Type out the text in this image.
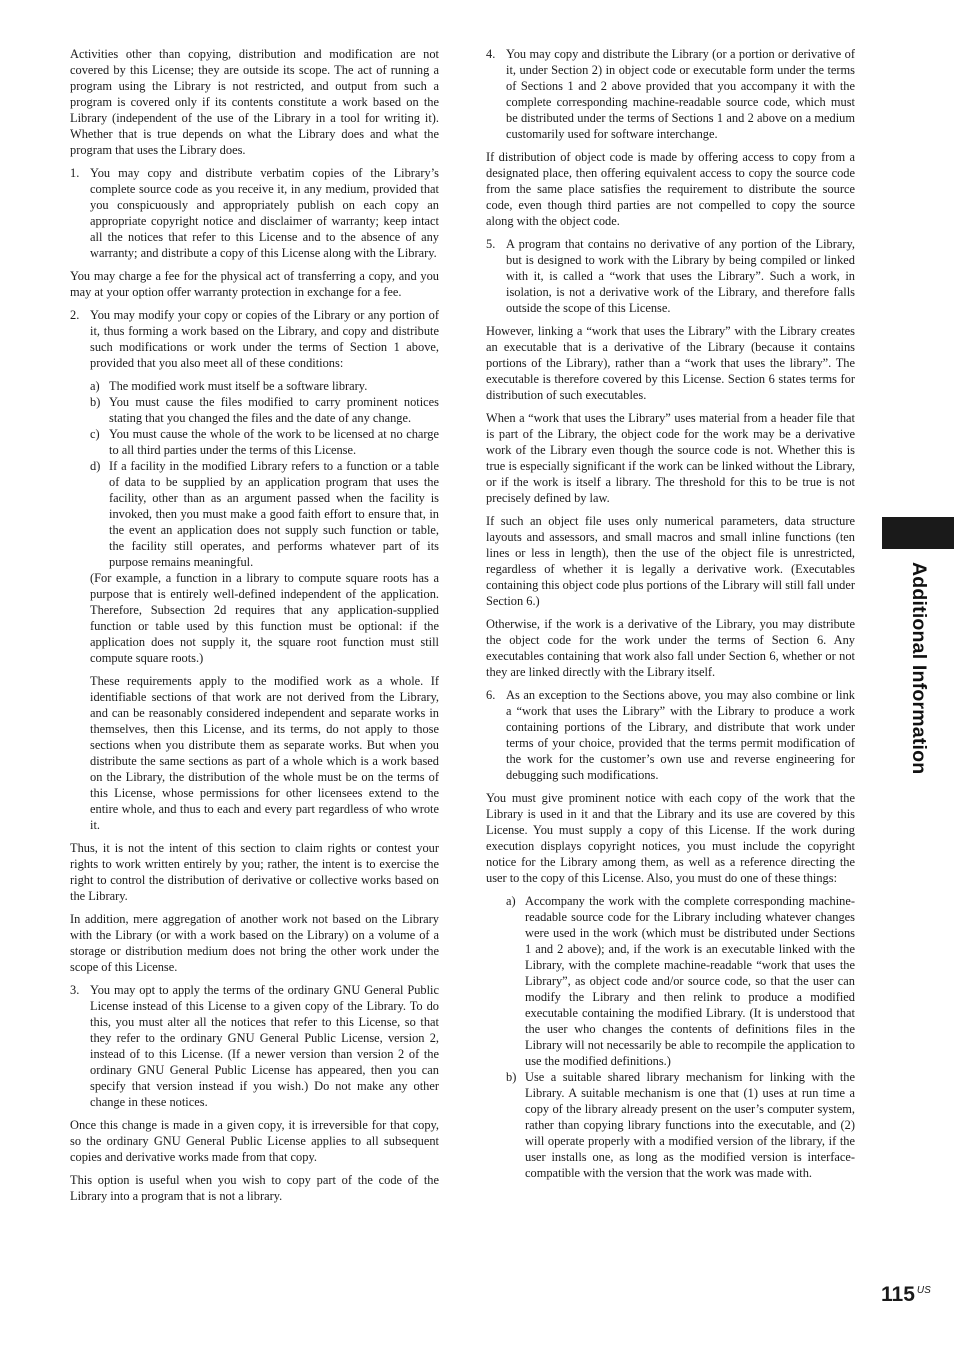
Activities other than copying, distribution and modification are not covered by this License; they are outside its scope. The act of running a program using the Library is not restricted, and output from such a program is covered only if its contents constitute a work based on the Library (independent of the use of the Library in a tool for writing it). Whether that is true depends on what the Library does and what the program that uses the Library does.

1. You may copy and distribute verbatim copies of the Library’s complete source code as you receive it, in any medium, provided that you conspicuously and appropriately publish on each copy an appropriate copyright notice and disclaimer of warranty; keep intact all the notices that refer to this License and to the absence of any warranty; and distribute a copy of this License along with the Library.

You may charge a fee for the physical act of transferring a copy, and you may at your option offer warranty protection in exchange for a fee.

2. You may modify your copy or copies of the Library or any portion of it, thus forming a work based on the Library, and copy and distribute such modifications or work under the terms of Section 1 above, provided that you also meet all of these conditions:
a) The modified work must itself be a software library.
b) You must cause the files modified to carry prominent notices stating that you changed the files and the date of any change.
c) You must cause the whole of the work to be licensed at no charge to all third parties under the terms of this License.
d) If a facility in the modified Library refers to a function or a table of data to be supplied by an application program that uses the facility, other than as an argument passed when the facility is invoked, then you must make a good faith effort to ensure that, in the event an application does not supply such function or table, the facility still operates, and performs whatever part of its purpose remains meaningful.

(For example, a function in a library to compute square roots has a purpose that is entirely well-defined independent of the application. Therefore, Subsection 2d requires that any application-supplied function or table used by this function must be optional: if the application does not supply it, the square root function must still compute square roots.)

These requirements apply to the modified work as a whole. If identifiable sections of that work are not derived from the Library, and can be reasonably considered independent and separate works in themselves, then this License, and its terms, do not apply to those sections when you distribute them as separate works. But when you distribute the same sections as part of a whole which is a work based on the Library, the distribution of the whole must be on the terms of this License, whose permissions for other licensees extend to the entire whole, and thus to each and every part regardless of who wrote it.

Thus, it is not the intent of this section to claim rights or contest your rights to work written entirely by you; rather, the intent is to exercise the right to control the distribution of derivative or collective works based on the Library.

In addition, mere aggregation of another work not based on the Library with the Library (or with a work based on the Library) on a volume of a storage or distribution medium does not bring the other work under the scope of this License.

3. You may opt to apply the terms of the ordinary GNU General Public License instead of this License to a given copy of the Library. To do this, you must alter all the notices that refer to this License, so that they refer to the ordinary GNU General Public License, version 2, instead of to this License. (If a newer version than version 2 of the ordinary GNU General Public License has appeared, then you can specify that version instead if you wish.) Do not make any other change in these notices.

Once this change is made in a given copy, it is irreversible for that copy, so the ordinary GNU General Public License applies to all subsequent copies and derivative works made from that copy.

This option is useful when you wish to copy part of the code of the Library into a program that is not a library.

4. You may copy and distribute the Library (or a portion or derivative of it, under Section 2) in object code or executable form under the terms of Sections 1 and 2 above provided that you accompany it with the complete corresponding machine-readable source code, which must be distributed under the terms of Sections 1 and 2 above on a medium customarily used for software interchange.

If distribution of object code is made by offering access to copy from a designated place, then offering equivalent access to copy the source code from the same place satisfies the requirement to distribute the source code, even though third parties are not compelled to copy the source along with the object code.

5. A program that contains no derivative of any portion of the Library, but is designed to work with the Library by being compiled or linked with it, is called a “work that uses the Library”. Such a work, in isolation, is not a derivative work of the Library, and therefore falls outside the scope of this License.

However, linking a “work that uses the Library” with the Library creates an executable that is a derivative of the Library (because it contains portions of the Library), rather than a “work that uses the library”. The executable is therefore covered by this License. Section 6 states terms for distribution of such executables.

When a “work that uses the Library” uses material from a header file that is part of the Library, the object code for the work may be a derivative work of the Library even though the source code is not. Whether this is true is especially significant if the work can be linked without the Library, or if the work is itself a library. The threshold for this to be true is not precisely defined by law.

If such an object file uses only numerical parameters, data structure layouts and assessors, and small macros and small inline functions (ten lines or less in length), then the use of the object file is unrestricted, regardless of whether it is legally a derivative work. (Executables containing this object code plus portions of the Library will still fall under Section 6.)

Otherwise, if the work is a derivative of the Library, you may distribute the object code for the work under the terms of Section 6. Any executables containing that work also fall under Section 6, whether or not they are linked directly with the Library itself.

6. As an exception to the Sections above, you may also combine or link a “work that uses the Library” with the Library to produce a work containing portions of the Library, and distribute that work under terms of your choice, provided that the terms permit modification of the work for the customer’s own use and reverse engineering for debugging such modifications.

You must give prominent notice with each copy of the work that the Library is used in it and that the Library and its use are covered by this License. You must supply a copy of this License. If the work during execution displays copyright notices, you must include the copyright notice for the Library among them, as well as a reference directing the user to the copy of this License. Also, you must do one of these things:

a) Accompany the work with the complete corresponding machine-readable source code for the Library including whatever changes were used in the work (which must be distributed under Sections 1 and 2 above); and, if the work is an executable linked with the Library, with the complete machine-readable “work that uses the Library”, as object code and/or source code, so that the user can modify the Library and then relink to produce a modified executable containing the modified Library. (It is understood that the user who changes the contents of definitions files in the Library will not necessarily be able to recompile the application to use the modified definitions.)
b) Use a suitable shared library mechanism for linking with the Library. A suitable mechanism is one that (1) uses at run time a copy of the library already present on the user’s computer system, rather than copying library functions into the executable, and (2) will operate properly with a modified version of the library, if the user installs one, as long as the modified version is interface-compatible with the version that the work was made with.
Additional Information
115 $^{US}$
